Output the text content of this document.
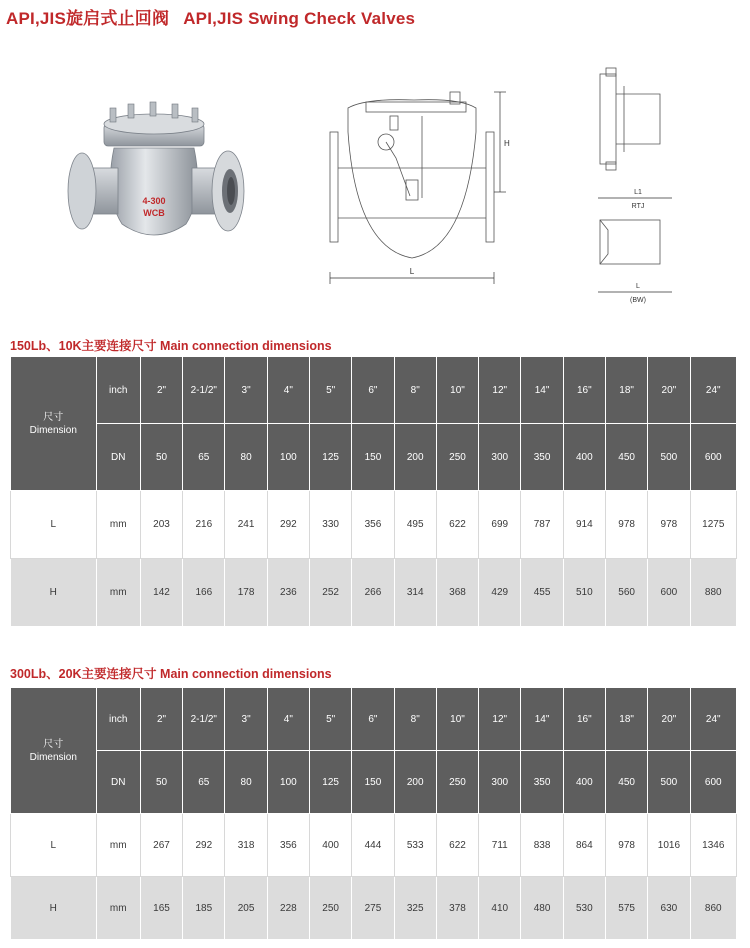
API,JIS旋启式止回阀 API,JIS Swing Check Valves
4-300
WCB
H
L
L1
RTJ
L
(BW)
150Lb、10K主要连接尺寸 Main connection dimensions
尺寸
Dimension	inch	2"	2-1/2"	3"	4"	5"	6"	8"	10"	12"	14"	16"	18"	20"	24"
	DN	50	65	80	100	125	150	200	250	300	350	400	450	500	600
L	mm	203	216	241	292	330	356	495	622	699	787	914	978	978	1275
H	mm	142	166	178	236	252	266	314	368	429	455	510	560	600	880
300Lb、20K主要连接尺寸 Main connection dimensions
尺寸
Dimension	inch	2"	2-1/2"	3"	4"	5"	6"	8"	10"	12"	14"	16"	18"	20"	24"
	DN	50	65	80	100	125	150	200	250	300	350	400	450	500	600
L	mm	267	292	318	356	400	444	533	622	711	838	864	978	1016	1346
H	mm	165	185	205	228	250	275	325	378	410	480	530	575	630	860
